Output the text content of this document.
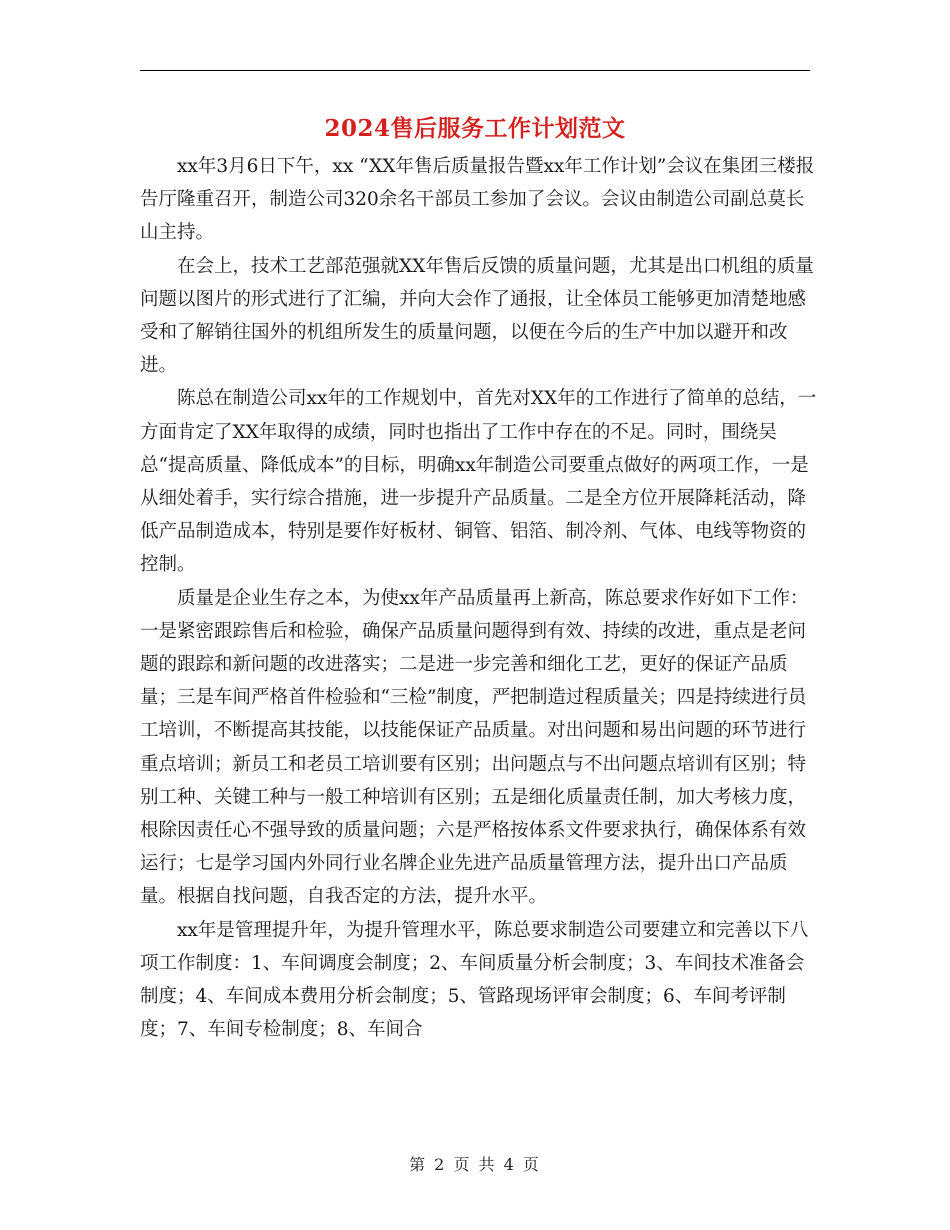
2024售后服务工作计划范文

xx年3月6日下午，xx “XX年售后质量报告暨xx年工作计划”会议在集团三楼报告厅隆重召开，制造公司320余名干部员工参加了会议。会议由制造公司副总莫长山主持。

在会上，技术工艺部范强就XX年售后反馈的质量问题，尤其是出口机组的质量问题以图片的形式进行了汇编，并向大会作了通报，让全体员工能够更加清楚地感受和了解销往国外的机组所发生的质量问题，以便在今后的生产中加以避开和改进。

陈总在制造公司xx年的工作规划中，首先对XX年的工作进行了简单的总结，一方面肯定了XX年取得的成绩，同时也指出了工作中存在的不足。同时，围绕吴总“提高质量、降低成本”的目标，明确xx年制造公司要重点做好的两项工作，一是从细处着手，实行综合措施，进一步提升产品质量。二是全方位开展降耗活动，降低产品制造成本，特别是要作好板材、铜管、铝箔、制冷剂、气体、电线等物资的控制。

质量是企业生存之本，为使xx年产品质量再上新高，陈总要求作好如下工作： 一是紧密跟踪售后和检验，确保产品质量问题得到有效、持续的改进，重点是老问题的跟踪和新问题的改进落实；二是进一步完善和细化工艺，更好的保证产品质量；三是车间严格首件检验和“三检”制度，严把制造过程质量关；四是持续进行员工培训，不断提高其技能，以技能保证产品质量。对出问题和易出问题的环节进行重点培训；新员工和老员工培训要有区别；出问题点与不出问题点培训有区别；特别工种、关键工种与一般工种培训有区别；五是细化质量责任制，加大考核力度，根除因责任心不强导致的质量问题；六是严格按体系文件要求执行，确保体系有效运行；七是学习国内外同行业名牌企业先进产品质量管理方法，提升出口产品质量。根据自找问题，自我否定的方法，提升水平。

xx年是管理提升年，为提升管理水平，陈总要求制造公司要建立和完善以下八项工作制度：1、车间调度会制度；2、车间质量分析会制度；3、车间技术准备会制度；4、车间成本费用分析会制度；5、管路现场评审会制度；6、车间考评制度；7、车间专检制度；8、车间合

第 2 页 共 4 页
